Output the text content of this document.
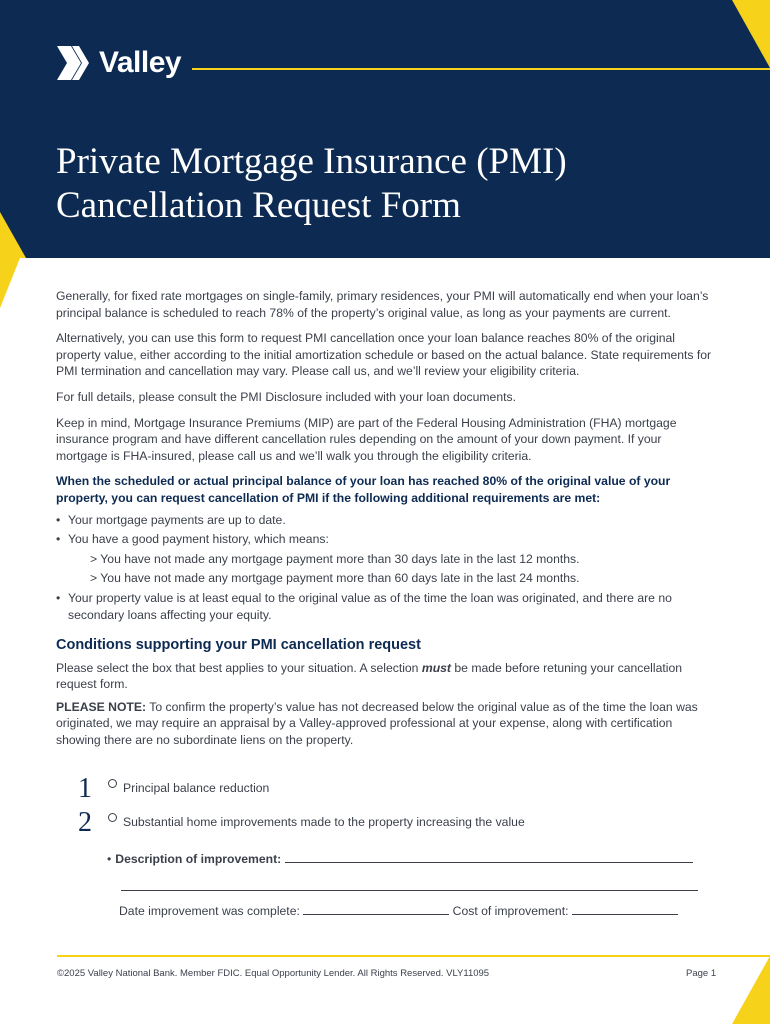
Valley
Private Mortgage Insurance (PMI)
Cancellation Request Form

Generally, for fixed rate mortgages on single-family, primary residences, your PMI will automatically end when your loan’s principal balance is scheduled to reach 78% of the property’s original value, as long as your payments are current.

Alternatively, you can use this form to request PMI cancellation once your loan balance reaches 80% of the original property value, either according to the initial amortization schedule or based on the actual balance. State requirements for PMI termination and cancellation may vary. Please call us, and we’ll review your eligibility criteria.

For full details, please consult the PMI Disclosure included with your loan documents.

Keep in mind, Mortgage Insurance Premiums (MIP) are part of the Federal Housing Administration (FHA) mortgage insurance program and have different cancellation rules depending on the amount of your down payment. If your mortgage is FHA-insured, please call us and we’ll walk you through the eligibility criteria.

When the scheduled or actual principal balance of your loan has reached 80% of the original value of your property, you can request cancellation of PMI if the following additional requirements are met:

• Your mortgage payments are up to date.
• You have a good payment history, which means:
> You have not made any mortgage payment more than 30 days late in the last 12 months.
> You have not made any mortgage payment more than 60 days late in the last 24 months.
• Your property value is at least equal to the original value as of the time the loan was originated, and there are no secondary loans affecting your equity.
Conditions supporting your PMI cancellation request

Please select the box that best applies to your situation. A selection must be made before retuning your cancellation request form.

PLEASE NOTE: To confirm the property’s value has not decreased below the original value as of the time the loan was originated, we may require an appraisal by a Valley-approved professional at your expense, along with certification showing there are no subordinate liens on the property.

1	Principal balance reduction
2	Substantial home improvements made to the property increasing the value
• Description of improvement:
Date improvement was complete:	Cost of improvement:
©2025 Valley National Bank. Member FDIC. Equal Opportunity Lender. All Rights Reserved. VLY11095	Page 1
